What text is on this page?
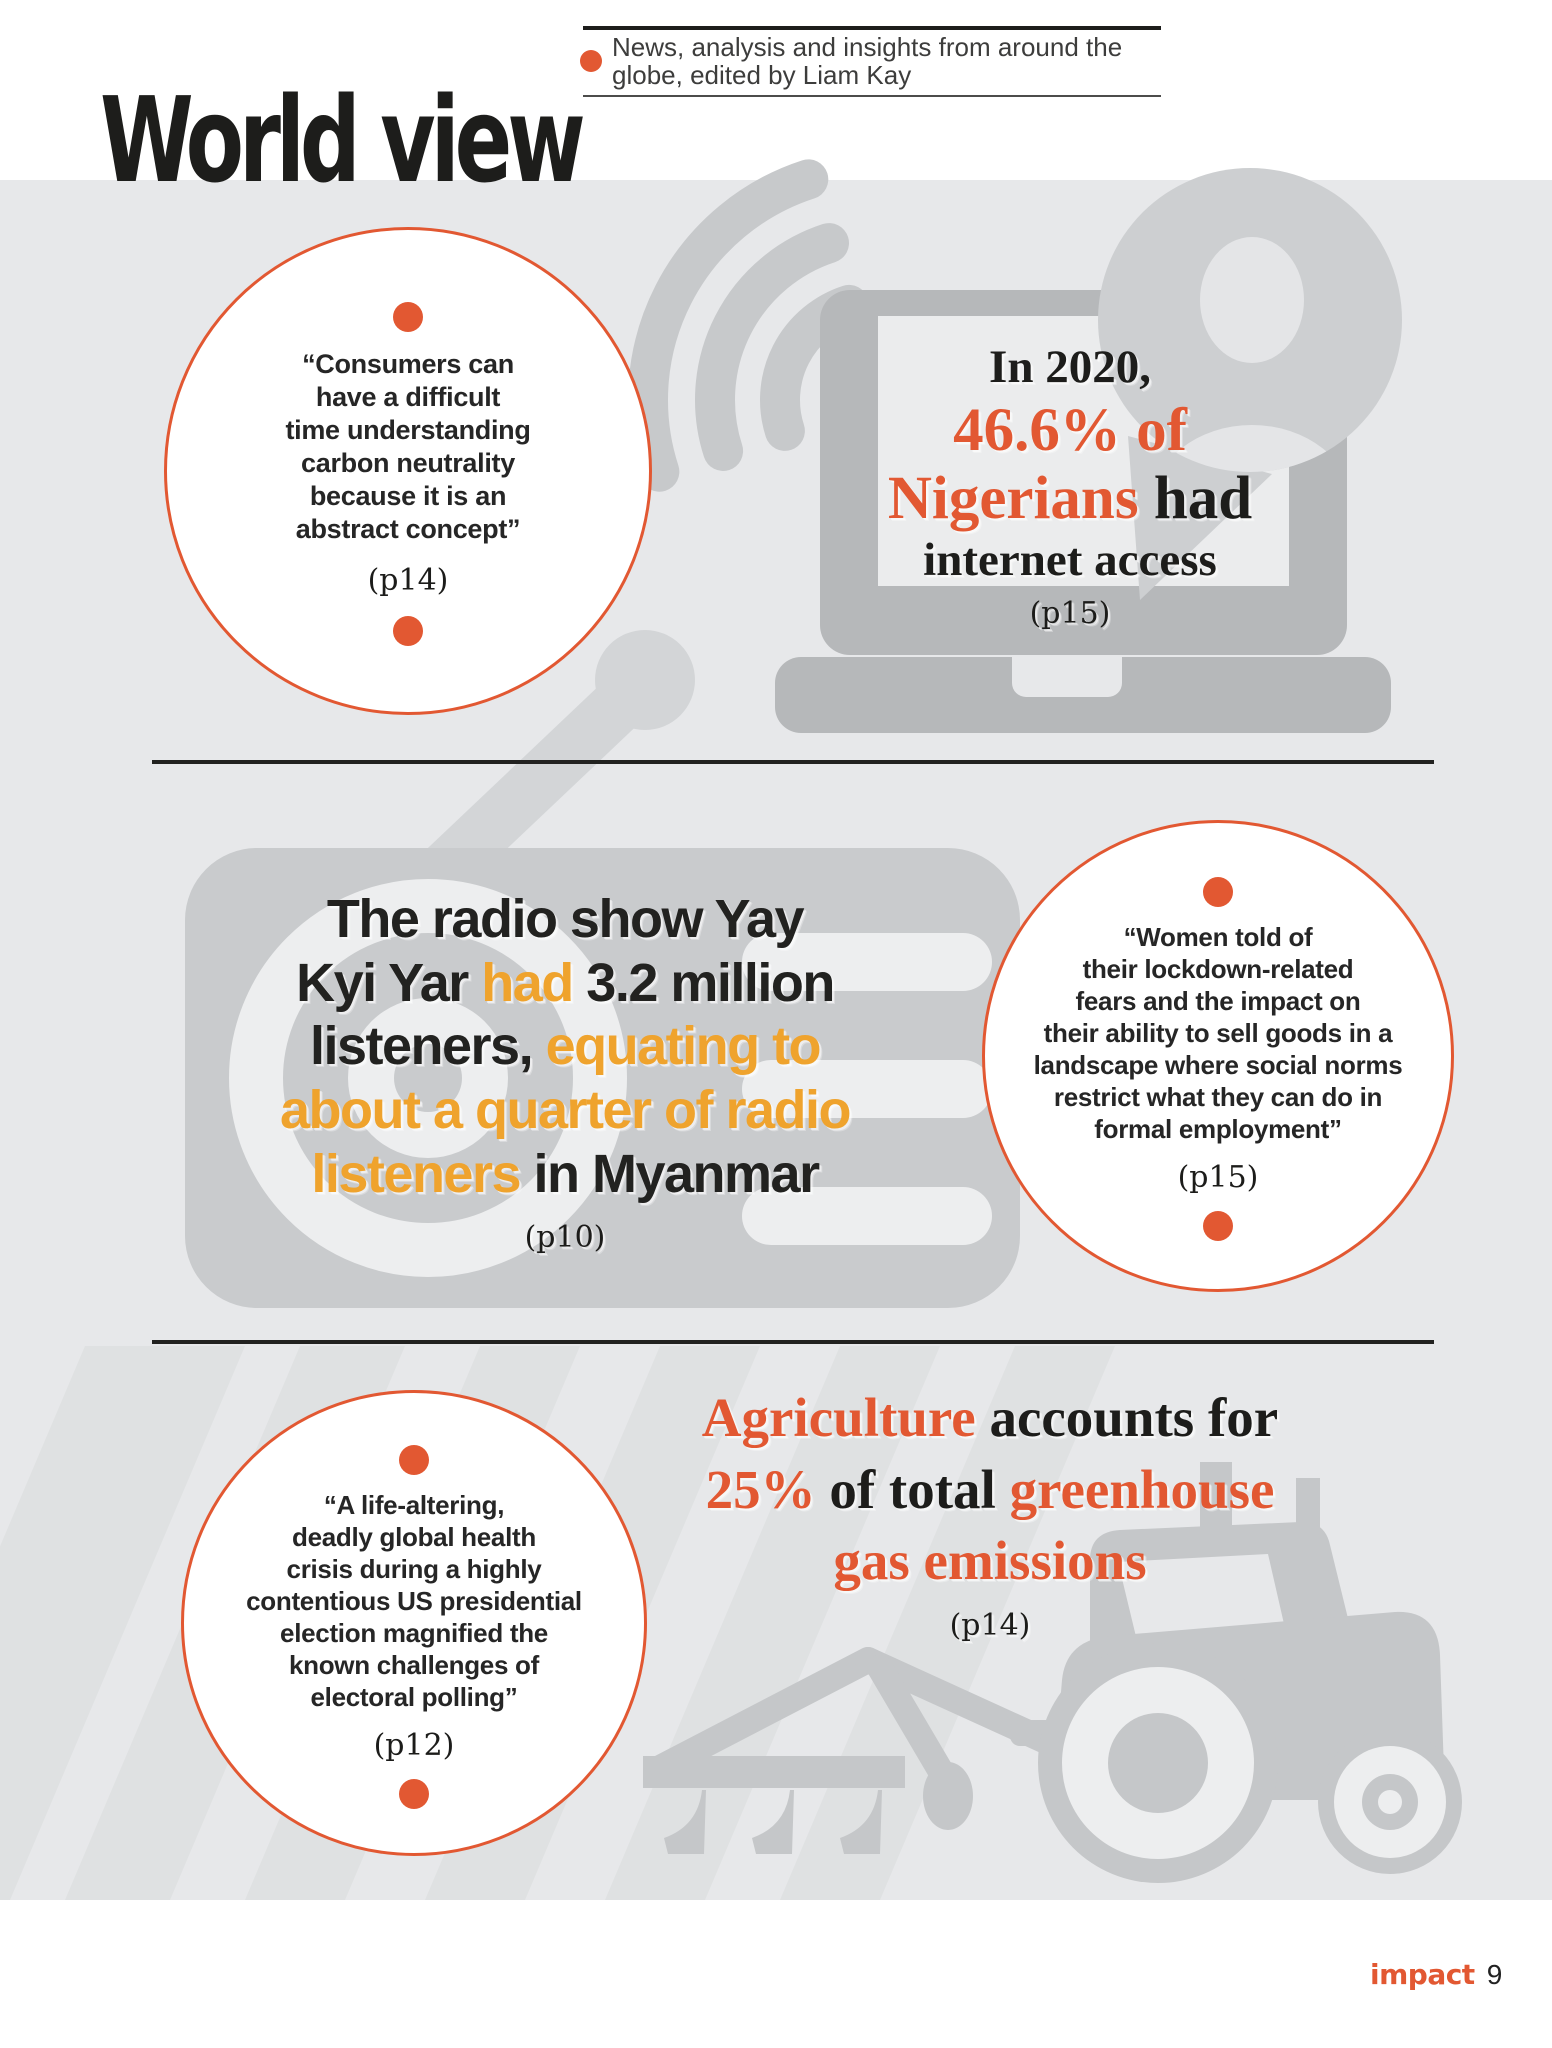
World view
News, analysis and insights from around the
globe, edited by Liam Kay
“Consumers can
have a difficult
time understanding
carbon neutrality
because it is an
abstract concept”
(p14)
“Women told of
their lockdown-related
fears and the impact on
their ability to sell goods in a
landscape where social norms
restrict what they can do in
formal employment”
(p15)
“A life-altering,
deadly global health
crisis during a highly
contentious US presidential
election magnified the
known challenges of
electoral polling”
(p12)
In 2020,
46.6% of
Nigerians had
internet access
(p15)
The radio show Yay
Kyi Yar had 3.2 million
listeners, equating to
about a quarter of radio
listeners in Myanmar
(p10)
Agriculture accounts for
25% of total greenhouse
gas emissions
(p14)
impact 9
